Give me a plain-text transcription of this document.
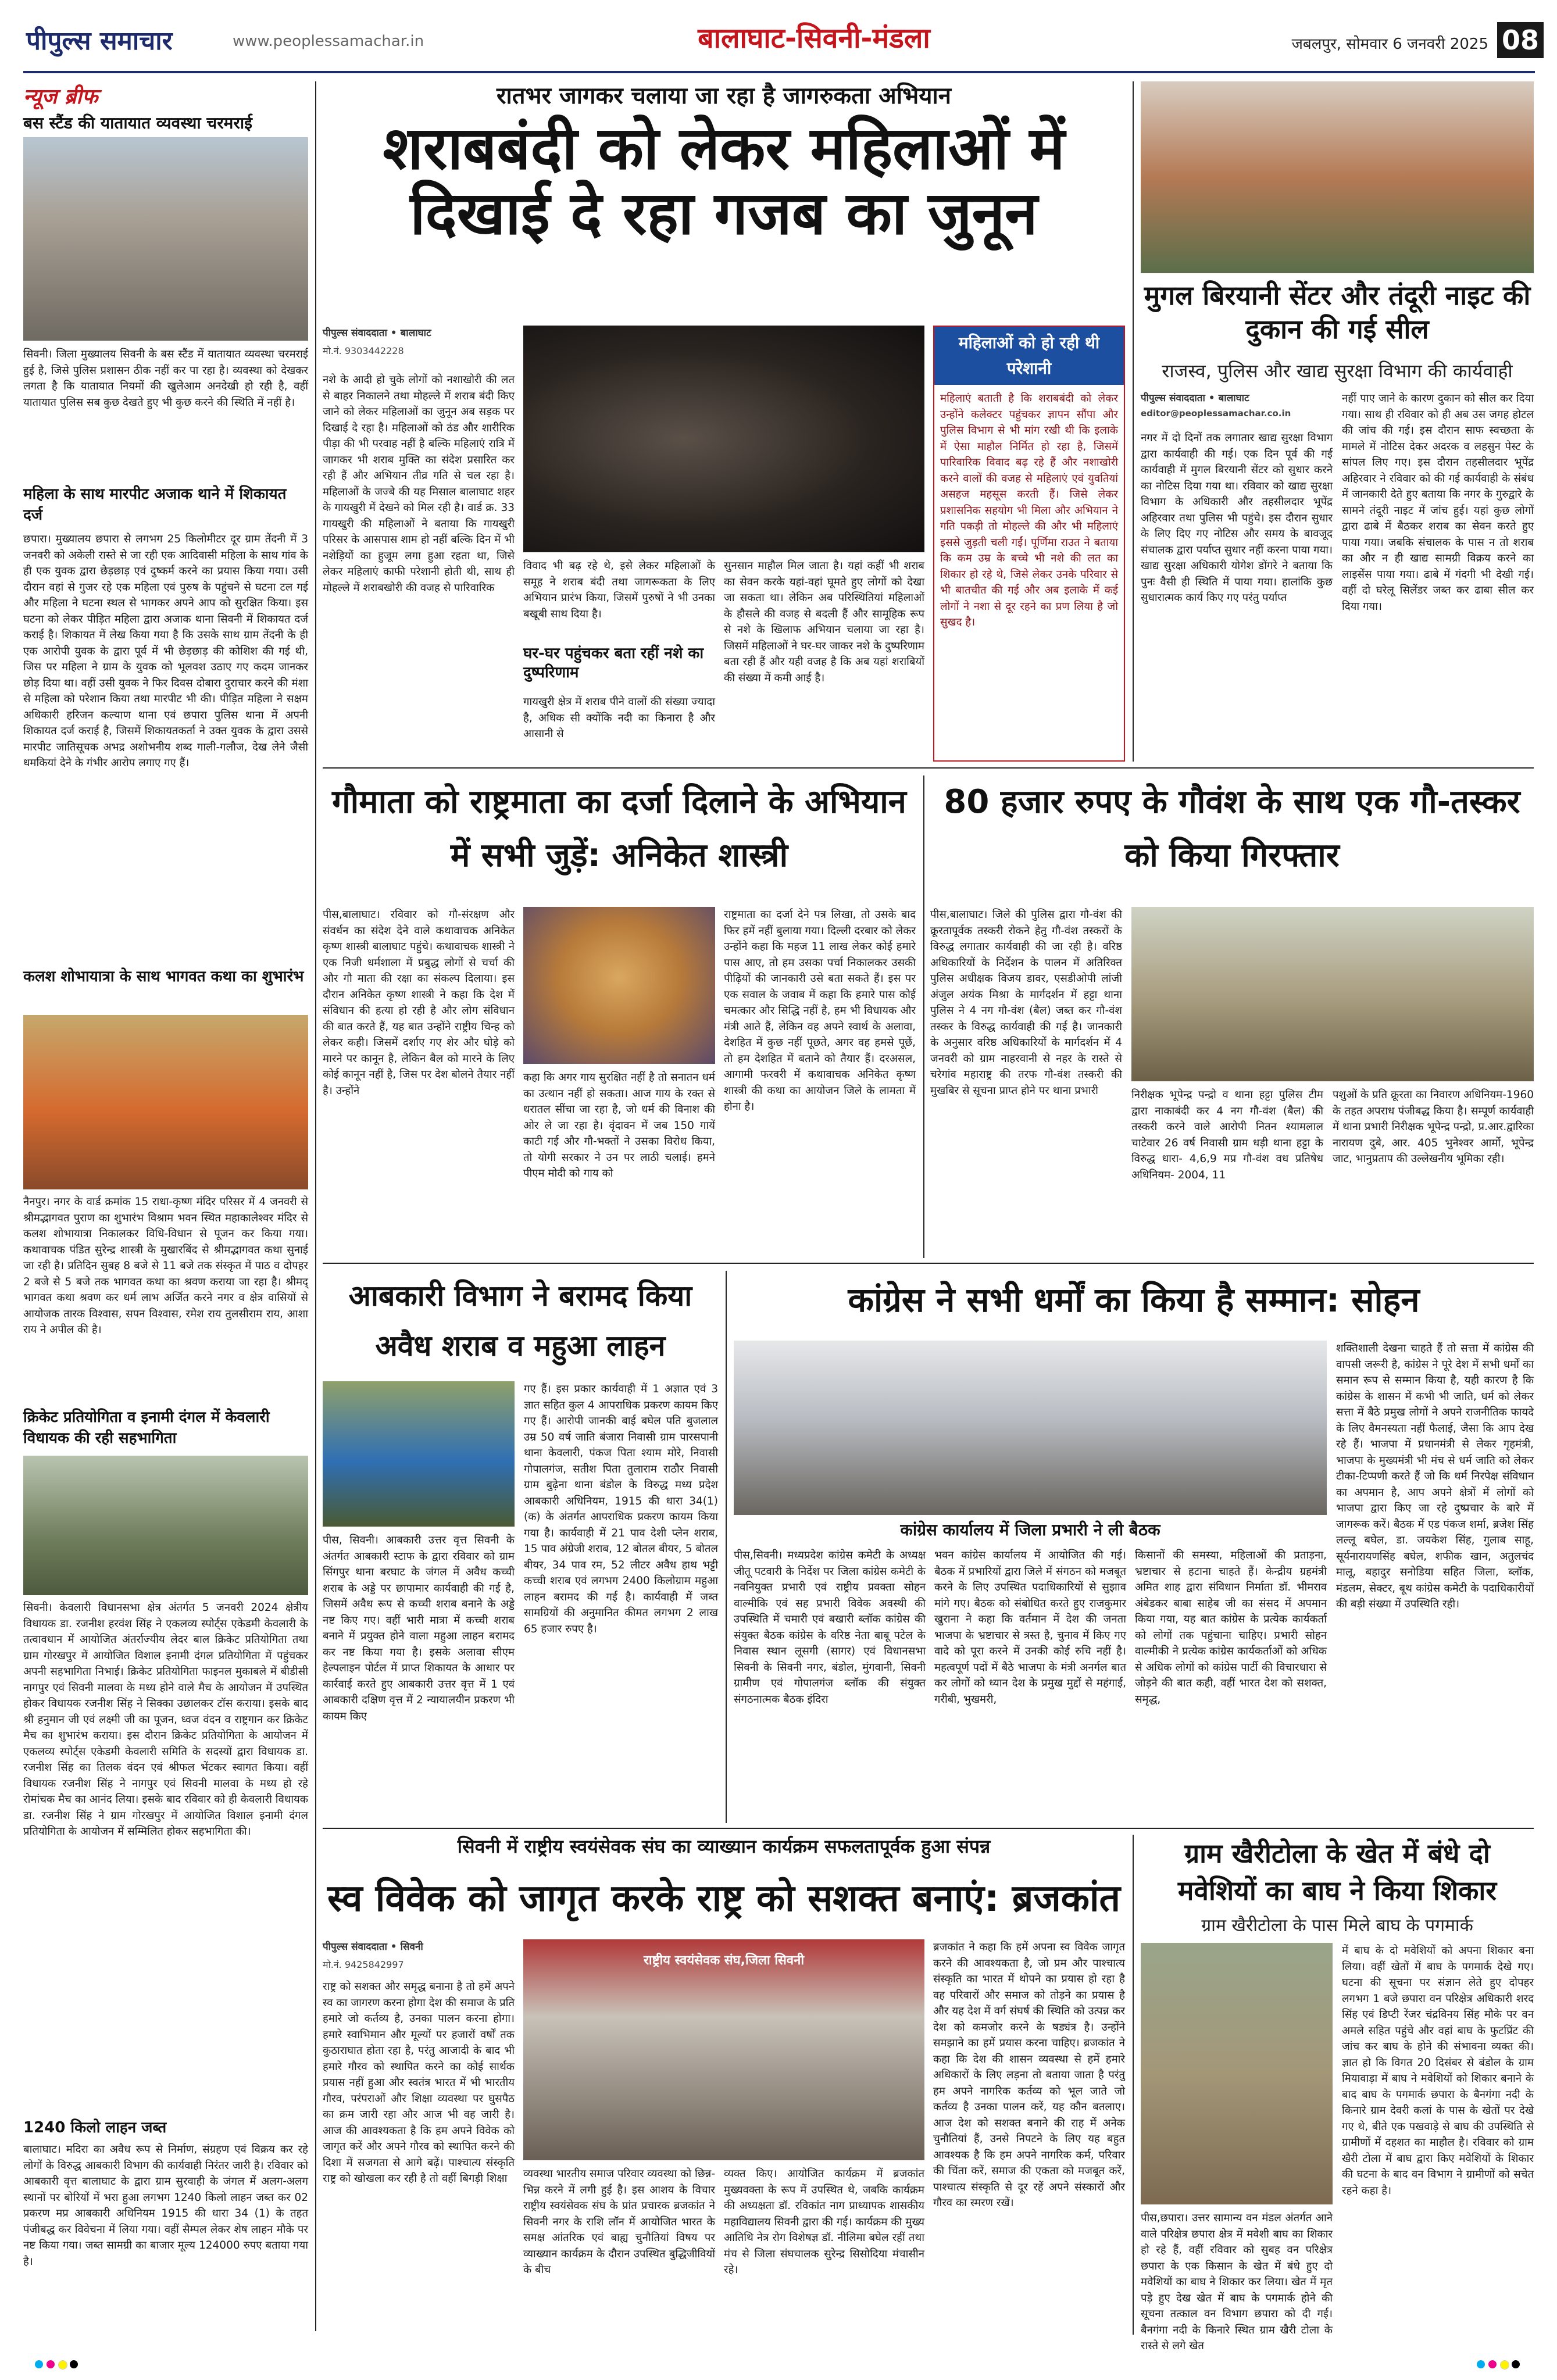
पीपुल्स समाचार	www.peoplessamachar.in	बालाघाट-सिवनी-मंडला	जबलपुर, सोमवार 6 जनवरी 2025 08
न्यूज ब्रीफ
बस स्टैंड की यातायात व्यवस्था चरमराई
सिवनी। जिला मुख्यालय सिवनी के बस स्टैंड में यातायात व्यवस्था चरमराई हुई है, जिसे पुलिस प्रशासन ठीक नहीं कर पा रहा है। व्यवस्था को देखकर लगता है कि यातायात नियमों की खुलेआम अनदेखी हो रही है, वहीं यातायात पुलिस सब कुछ देखते हुए भी कुछ करने की स्थिति में नहीं है।
महिला के साथ मारपीट अजाक थाने में शिकायत दर्ज
छपारा। मुख्यालय छपारा से लगभग 25 किलोमीटर दूर ग्राम तेंदनी में 3 जनवरी को अकेली रास्ते से जा रही एक आदिवासी महिला के साथ गांव के ही एक युवक द्वारा छेड़छाड़ एवं दुष्कर्म करने का प्रयास किया गया। उसी दौरान वहां से गुजर रहे एक महिला एवं पुरुष के पहुंचने से घटना टल गई और महिला ने घटना स्थल से भागकर अपने आप को सुरक्षित किया। इस घटना को लेकर पीड़ित महिला द्वारा अजाक थाना सिवनी में शिकायत दर्ज कराई है। शिकायत में लेख किया गया है कि उसके साथ ग्राम तेंदनी के ही एक आरोपी युवक के द्वारा पूर्व में भी छेड़छाड़ की कोशिश की गई थी, जिस पर महिला ने ग्राम के युवक को भूलवश उठाए गए कदम जानकर छोड़ दिया था। वहीं उसी युवक ने फिर दिवस दोबारा दुराचार करने की मंशा से महिला को परेशान किया तथा मारपीट भी की। पीड़ित महिला ने सक्षम अधिकारी हरिजन कल्याण थाना एवं छपारा पुलिस थाना में अपनी शिकायत दर्ज कराई है, जिसमें शिकायतकर्ता ने उक्त युवक के द्वारा उससे मारपीट जातिसूचक अभद्र अशोभनीय शब्द गाली-गलौज, देख लेने जैसी धमकियां देने के गंभीर आरोप लगाए गए हैं।
कलश शोभायात्रा के साथ भागवत कथा का शुभारंभ
नैनपुर। नगर के वार्ड क्रमांक 15 राधा-कृष्ण मंदिर परिसर में 4 जनवरी से श्रीमद्भागवत पुराण का शुभारंभ विश्राम भवन स्थित महाकालेश्वर मंदिर से कलश शोभायात्रा निकालकर विधि-विधान से पूजन कर किया गया। कथावाचक पंडित सुरेन्द्र शास्त्री के मुखारबिंद से श्रीमद्भागवत कथा सुनाई जा रही है। प्रतिदिन सुबह 8 बजे से 11 बजे तक संस्कृत में पाठ व दोपहर 2 बजे से 5 बजे तक भागवत कथा का श्रवण कराया जा रहा है। श्रीमद् भागवत कथा श्रवण कर धर्म लाभ अर्जित करने नगर व क्षेत्र वासियों से आयोजक तारक विश्वास, सपन विश्वास, रमेश राय तुलसीराम राय, आशा राय ने अपील की है।
क्रिकेट प्रतियोगिता व इनामी दंगल में केवलारी विधायक की रही सहभागिता
सिवनी। केवलारी विधानसभा क्षेत्र अंतर्गत 5 जनवरी 2024 क्षेत्रीय विधायक डा. रजनीश हरवंश सिंह ने एकलव्य स्पोर्ट्स एकेडमी केवलारी के तत्वावधान में आयोजित अंतर्राज्यीय लेदर बाल क्रिकेट प्रतियोगिता तथा ग्राम गोरखपुर में आयोजित विशाल इनामी दंगल प्रतियोगिता में पहुंचकर अपनी सहभागिता निभाई। क्रिकेट प्रतियोगिता फाइनल मुकाबले में बीडीसी नागपुर एवं सिवनी मालवा के मध्य होने वाले मैच के आयोजन में उपस्थित होकर विधायक रजनीश सिंह ने सिक्का उछालकर टॉस कराया। इसके बाद श्री हनुमान जी एवं लक्ष्मी जी का पूजन, ध्वज वंदन व राष्ट्रगान कर क्रिकेट मैच का शुभारंभ कराया। इस दौरान क्रिकेट प्रतियोगिता के आयोजन में एकलव्य स्पोर्ट्स एकेडमी केवलारी समिति के सदस्यों द्वारा विधायक डा. रजनीश सिंह का तिलक वंदन एवं श्रीफल भेंटकर स्वागत किया। वहीं विधायक रजनीश सिंह ने नागपुर एवं सिवनी मालवा के मध्य हो रहे रोमांचक मैच का आनंद लिया। इसके बाद रविवार को ही केवलारी विधायक डा. रजनीश सिंह ने ग्राम गोरखपुर में आयोजित विशाल इनामी दंगल प्रतियोगिता के आयोजन में सम्मिलित होकर सहभागिता की।
1240 किलो लाहन जब्त
बालाघाट। मदिरा का अवैध रूप से निर्माण, संग्रहण एवं विक्रय कर रहे लोगों के विरुद्ध आबकारी विभाग की कार्यवाही निरंतर जारी है। रविवार को आबकारी वृत्त बालाघाट के द्वारा ग्राम सुरवाही के जंगल में अलग-अलग स्थानों पर बोरियों में भरा हुआ लगभग 1240 किलो लाहन जब्त कर 02 प्रकरण मप्र आबकारी अधिनियम 1915 की धारा 34 (1) के तहत पंजीबद्ध कर विवेचना में लिया गया। वहीं सैम्पल लेकर शेष लाहन मौके पर नष्ट किया गया। जब्त सामग्री का बाजार मूल्य 124000 रुपए बताया गया है।
रातभर जागकर चलाया जा रहा है जागरुकता अभियान
शराबबंदी को लेकर महिलाओं में दिखाई दे रहा गजब का जुनून
पीपुल्स संवाददाता • बालाघाट
मो.नं. 9303442228
नशे के आदी हो चुके लोगों को नशाखोरी की लत से बाहर निकालने तथा मोहल्ले में शराब बंदी किए जाने को लेकर महिलाओं का जुनून अब सड़क पर दिखाई दे रहा है। महिलाओं को ठंड और शारीरिक पीड़ा की भी परवाह नहीं है बल्कि महिलाएं रात्रि में जागकर भी शराब मुक्ति का संदेश प्रसारित कर रही हैं और अभियान तीव्र गति से चल रहा है। महिलाओं के जज्बे की यह मिसाल बालाघाट शहर के गायखुरी में देखने को मिल रही है। वार्ड क्र. 33 गायखुरी की महिलाओं ने बताया कि गायखुरी परिसर के आसपास शाम हो नहीं बल्कि दिन में भी नशेड़ियों का हुजूम लगा हुआ रहता था, जिसे लेकर महिलाएं काफी परेशानी होती थी, साथ ही मोहल्ले में शराबखोरी की वजह से पारिवारिक
विवाद भी बढ़ रहे थे, इसे लेकर महिलाओं के समूह ने शराब बंदी तथा जागरूकता के लिए अभियान प्रारंभ किया, जिसमें पुरुषों ने भी उनका बखूबी साथ दिया है।
घर-घर पहुंचकर बता रहीं नशे का दुष्परिणाम
गायखुरी क्षेत्र में शराब पीने वालों की संख्या ज्यादा है, अधिक सी क्योंकि नदी का किनारा है और आसानी से
सुनसान माहौल मिल जाता है। यहां कहीं भी शराब का सेवन करके यहां-वहां घूमते हुए लोगों को देखा जा सकता था। लेकिन अब परिस्थितियां महिलाओं के हौसले की वजह से बदली हैं और सामूहिक रूप से नशे के खिलाफ अभियान चलाया जा रहा है। जिसमें महिलाओं ने घर-घर जाकर नशे के दुष्परिणाम बता रही हैं और यही वजह है कि अब यहां शराबियों की संख्या में कमी आई है।
महिलाओं को हो रही थी परेशानी
महिलाएं बताती है कि शराबबंदी को लेकर उन्होंने कलेक्टर पहुंचकर ज्ञापन सौंपा और पुलिस विभाग से भी मांग रखी थी कि इलाके में ऐसा माहौल निर्मित हो रहा है, जिसमें पारिवारिक विवाद बढ़ रहे हैं और नशाखोरी करने वालों की वजह से महिलाएं एवं युवतियां असहज महसूस करती हैं। जिसे लेकर प्रशासनिक सहयोग भी मिला और अभियान ने गति पकड़ी तो मोहल्ले की और भी महिलाएं इससे जुड़ती चली गईं। पूर्णिमा राउत ने बताया कि कम उम्र के बच्चे भी नशे की लत का शिकार हो रहे थे, जिसे लेकर उनके परिवार से भी बातचीत की गई और अब इलाके में कई लोगों ने नशा से दूर रहने का प्रण लिया है जो सुखद है।
मुगल बिरयानी सेंटर और तंदूरी नाइट की दुकान की गई सील
राजस्व, पुलिस और खाद्य सुरक्षा विभाग की कार्यवाही
पीपुल्स संवाददाता • बालाघाट
editor@peoplessamachar.co.in
नगर में दो दिनों तक लगातार खाद्य सुरक्षा विभाग द्वारा कार्यवाही की गई। एक दिन पूर्व की गई कार्यवाही में मुगल बिरयानी सेंटर को सुधार करने का नोटिस दिया गया था। रविवार को खाद्य सुरक्षा विभाग के अधिकारी और तहसीलदार भूपेंद्र अहिरवार तथा पुलिस भी पहुंचे। इस दौरान सुधार के लिए दिए गए नोटिस और समय के बावजूद संचालक द्वारा पर्याप्त सुधार नहीं करना पाया गया। खाद्य सुरक्षा अधिकारी योगेश डोंगरे ने बताया कि पुनः वैसी ही स्थिति में पाया गया। हालांकि कुछ सुधारात्मक कार्य किए गए परंतु पर्याप्त
नहीं पाए जाने के कारण दुकान को सील कर दिया गया। साथ ही रविवार को ही अब उस जगह होटल की जांच की गई। इस दौरान साफ स्वच्छता के मामले में नोटिस देकर अदरक व लहसुन पेस्ट के सांपल लिए गए। इस दौरान तहसीलदार भूपेंद्र अहिरवार ने रविवार को की गई कार्यवाही के संबंध में जानकारी देते हुए बताया कि नगर के गुरुद्वारे के सामने तंदूरी नाइट में जांच हुई। यहां कुछ लोगों द्वारा ढाबे में बैठकर शराब का सेवन करते हुए पाया गया। जबकि संचालक के पास न तो शराब का और न ही खाद्य सामग्री विक्रय करने का लाइसेंस पाया गया। ढाबे में गंदगी भी देखी गई। वहीं दो घरेलू सिलेंडर जब्त कर ढाबा सील कर दिया गया।
गौमाता को राष्ट्रमाता का दर्जा दिलाने के अभियान में सभी जुड़ें: अनिकेत शास्त्री
पीस,बालाघाट। रविवार को गौ-संरक्षण और संवर्धन का संदेश देने वाले कथावाचक अनिकेत कृष्ण शास्त्री बालाघाट पहुंचे। कथावाचक शास्त्री ने एक निजी धर्मशाला में प्रबुद्ध लोगों से चर्चा की और गौ माता की रक्षा का संकल्प दिलाया। इस दौरान अनिकेत कृष्ण शास्त्री ने कहा कि देश में संविधान की हत्या हो रही है और लोग संविधान की बात करते हैं, यह बात उन्होंने राष्ट्रीय चिन्ह को लेकर कही। जिसमें दर्शाए गए शेर और घोड़े को मारने पर कानून है, लेकिन बैल को मारने के लिए कोई कानून नहीं है, जिस पर देश बोलने तैयार नहीं है। उन्होंने
कहा कि अगर गाय सुरक्षित नहीं है तो सनातन धर्म का उत्थान नहीं हो सकता। आज गाय के रक्त से धरातल सींचा जा रहा है, जो धर्म की विनाश की ओर ले जा रहा है। वृंदावन में जब 150 गायें काटी गई और गौ-भक्तों ने उसका विरोध किया, तो योगी सरकार ने उन पर लाठी चलाई। हमने पीएम मोदी को गाय को
राष्ट्रमाता का दर्जा देने पत्र लिखा, तो उसके बाद फिर हमें नहीं बुलाया गया। दिल्ली दरबार को लेकर उन्होंने कहा कि महज 11 लाख लेकर कोई हमारे पास आए, तो हम उसका पर्चा निकालकर उसकी पीढ़ियों की जानकारी उसे बता सकते हैं। इस पर एक सवाल के जवाब में कहा कि हमारे पास कोई चमत्कार और सिद्धि नहीं है, हम भी विधायक और मंत्री आते हैं, लेकिन वह अपने स्वार्थ के अलावा, देशहित में कुछ नहीं पूछते, अगर वह हमसे पूछें, तो हम देशहित में बताने को तैयार हैं। दरअसल, आगामी फरवरी में कथावाचक अनिकेत कृष्ण शास्त्री की कथा का आयोजन जिले के लामता में होना है।
80 हजार रुपए के गौवंश के साथ एक गौ-तस्कर को किया गिरफ्तार
पीस,बालाघाट। जिले की पुलिस द्वारा गौ-वंश की क्रूरतापूर्वक तस्करी रोकने हेतु गौ-वंश तस्करों के विरुद्ध लगातार कार्यवाही की जा रही है। वरिष्ठ अधिकारियों के निर्देशन के पालन में अतिरिक्त पुलिस अधीक्षक विजय डावर, एसडीओपी लांजी अंजुल अयंक मिश्रा के मार्गदर्शन में हट्टा थाना पुलिस ने 4 नग गौ-वंश (बैल) जब्त कर गौ-वंश तस्कर के विरुद्ध कार्यवाही की गई है। जानकारी के अनुसार वरिष्ठ अधिकारियों के मार्गदर्शन में 4 जनवरी को ग्राम नाहरवानी से नहर के रास्ते से चरेगांव महाराष्ट्र की तरफ गौ-वंश तस्करी की मुखबिर से सूचना प्राप्त होने पर थाना प्रभारी	निरीक्षक भूपेन्द्र पन्द्रो व थाना हट्टा पुलिस टीम द्वारा नाकाबंदी कर 4 नग गौ-वंश (बैल) की तस्करी करने वाले आरोपी नितन श्यामलाल चाटेवार 26 वर्ष निवासी ग्राम धड़ी थाना हट्टा के विरुद्ध धारा- 4,6,9 मप्र गौ-वंश वध प्रतिषेध अधिनियम- 2004, 11
पशुओं के प्रति क्रूरता का निवारण अधिनियम-1960 के तहत अपराध पंजीबद्ध किया है। सम्पूर्ण कार्यवाही में थाना प्रभारी निरीक्षक भूपेन्द्र पन्द्रो, प्र.आर.द्वारिका नारायण दुबे, आर. 405 भुनेश्वर आर्मो, भूपेन्द्र जाट, भानुप्रताप की उल्लेखनीय भूमिका रही।
आबकारी विभाग ने बरामद किया अवैध शराब व महुआ लाहन
पीस, सिवनी। आबकारी उत्तर वृत्त सिवनी के अंतर्गत आबकारी स्टाफ के द्वारा रविवार को ग्राम सिंगपुर थाना बरघाट के जंगल में अवैध कच्ची शराब के अड्डे पर छापामार कार्यवाही की गई है, जिसमें अवैध रूप से कच्ची शराब बनाने के अड्डे नष्ट किए गए। वहीं भारी मात्रा में कच्ची शराब बनाने में प्रयुक्त होने वाला महुआ लाहन बरामद कर नष्ट किया गया है। इसके अलावा सीएम हेल्पलाइन पोर्टल में प्राप्त शिकायत के आधार पर कार्रवाई करते हुए आबकारी उत्तर वृत्त में 1 एवं आबकारी दक्षिण वृत्त में 2 न्यायालयीन प्रकरण भी कायम किए
गए हैं। इस प्रकार कार्यवाही में 1 अज्ञात एवं 3 ज्ञात सहित कुल 4 आपराधिक प्रकरण कायम किए गए हैं। आरोपी जानकी बाई बघेल पति बुजलाल उम्र 50 वर्ष जाति बंजारा निवासी ग्राम पारसपानी थाना केवलारी, पंकज पिता श्याम मोरे, निवासी गोपालगंज, सतीश पिता तुलाराम राठौर निवासी ग्राम बुढ़ेना थाना बंडोल के विरुद्ध मध्य प्रदेश आबकारी अधिनियम, 1915 की धारा 34(1) (क) के अंतर्गत आपराधिक प्रकरण कायम किया गया है। कार्यवाही में 21 पाव देशी प्लेन शराब, 15 पाव अंग्रेजी शराब, 12 बोतल बीयर, 5 बोतल बीयर, 34 पाव रम, 52 लीटर अवैध हाथ भट्टी कच्ची शराब एवं लगभग 2400 किलोग्राम महुआ लाहन बरामद की गई है। कार्यवाही में जब्त सामग्रियों की अनुमानित कीमत लगभग 2 लाख 65 हजार रुपए है।
कांग्रेस ने सभी धर्मों का किया है सम्मान: सोहन
कांग्रेस कार्यालय में जिला प्रभारी ने ली बैठक
पीस,सिवनी। मध्यप्रदेश कांग्रेस कमेटी के अध्यक्ष जीतू पटवारी के निर्देश पर जिला कांग्रेस कमेटी के नवनियुक्त प्रभारी एवं राष्ट्रीय प्रवक्ता सोहन वाल्मीकि एवं सह प्रभारी विवेक अवस्थी की उपस्थिति में चमारी एवं बखारी ब्लॉक कांग्रेस की संयुक्त बैठक कांग्रेस के वरिष्ठ नेता बाबू पटेल के निवास स्थान लूसगी (सागर) एवं विधानसभा सिवनी के सिवनी नगर, बंडोल, मुंगवानी, सिवनी ग्रामीण एवं गोपालगंज ब्लॉक की संयुक्त संगठनात्मक बैठक इंदिरा
भवन कांग्रेस कार्यालय में आयोजित की गई। बैठक में प्रभारियों द्वारा जिले में संगठन को मजबूत करने के लिए उपस्थित पदाधिकारियों से सुझाव मांगे गए। बैठक को संबोधित करते हुए राजकुमार खुराना ने कहा कि वर्तमान में देश की जनता भाजपा के भ्रष्टाचार से त्रस्त है, चुनाव में किए गए वादे को पूरा करने में उनकी कोई रुचि नहीं है। महत्वपूर्ण पदों में बैठे भाजपा के मंत्री अनर्गल बात कर लोगों को ध्यान देश के प्रमुख मुद्दों से महंगाई, गरीबी, भुखमरी,
किसानों की समस्या, महिलाओं की प्रताड़ना, भ्रष्टाचार से हटाना चाहते हैं। केन्द्रीय ग्रहमंत्री अमित शाह द्वारा संविधान निर्माता डॉ. भीमराव अंबेडकर बाबा साहेब जी का संसद में अपमान किया गया, यह बात कांग्रेस के प्रत्येक कार्यकर्ता को लोगों तक पहुंचाना चाहिए। प्रभारी सोहन वाल्मीकी ने प्रत्येक कांग्रेस कार्यकर्ताओं को अधिक से अधिक लोगों को कांग्रेस पार्टी की विचारधारा से जोड़ने की बात कही, वहीं भारत देश को सशक्त, समृद्ध,
शक्तिशाली देखना चाहते हैं तो सत्ता में कांग्रेस की वापसी जरूरी है, कांग्रेस ने पूरे देश में सभी धर्मों का समान रूप से सम्मान किया है, यही कारण है कि कांग्रेस के शासन में कभी भी जाति, धर्म को लेकर सत्ता में बैठे प्रमुख लोगों ने अपने राजनीतिक फायदे के लिए वैमनस्यता नहीं फैलाई, जैसा कि आप देख रहे हैं। भाजपा में प्रधानमंत्री से लेकर गृहमंत्री, भाजपा के मुख्यमंत्री भी मंच से धर्म जाति को लेकर टीका-टिप्पणी करते हैं जो कि धर्म निरपेक्ष संविधान का अपमान है, आप अपने क्षेत्रों में लोगों को भाजपा द्वारा किए जा रहे दुष्प्रचार के बारे में जागरूक करें। बैठक में एड पंकज शर्मा, ब्रजेश सिंह लल्लू बघेल, डा. जयकेश सिंह, गुलाब साहू, सूर्यनारायणसिंह बघेल, शफीक खान, अतुलचंद मालू, बहादुर सनोडिया सहित जिला, ब्लॉक, मंडलम, सेक्टर, बूथ कांग्रेस कमेटी के पदाधिकारीयों की बड़ी संख्या में उपस्थिति रही।
सिवनी में राष्ट्रीय स्वयंसेवक संघ का व्याख्यान कार्यक्रम सफलतापूर्वक हुआ संपन्न
स्व विवेक को जागृत करके राष्ट्र को सशक्त बनाएं: ब्रजकांत
पीपुल्स संवाददाता • सिवनी
मो.नं. 9425842997
राष्ट्र को सशक्त और समृद्ध बनाना है तो हमें अपने स्व का जागरण करना होगा देश की समाज के प्रति हमारे जो कर्तव्य है, उनका पालन करना होगा। हमारे स्वाभिमान और मूल्यों पर हजारों वर्षों तक कुठाराघात होता रहा है, परंतु आजादी के बाद भी हमारे गौरव को स्थापित करने का कोई सार्थक प्रयास नहीं हुआ और स्वतंत्र भारत में भी भारतीय गौरव, परंपराओं और शिक्षा व्यवस्था पर घुसपैठ का क्रम जारी रहा और आज भी वह जारी है। आज की आवश्यकता है कि हम अपने विवेक को जागृत करें और अपने गौरव को स्थापित करने की दिशा में सजगता से आगे बढ़ें। पाश्चात्य संस्कृति राष्ट्र को खोखला कर रही है तो वहीं बिगड़ी शिक्षा
राष्ट्रीय स्वयंसेवक संघ,जिला सिवनी
व्यवस्था भारतीय समाज परिवार व्यवस्था को छिन्न- भिन्न करने में लगी हुई है। इस आशय के विचार राष्ट्रीय स्वयंसेवक संघ के प्रांत प्रचारक ब्रजकांत ने सिवनी नगर के राशि लॉन में आयोजित भारत के समक्ष आंतरिक एवं बाह्य चुनौतियां विषय पर व्याख्यान कार्यक्रम के दौरान उपस्थित बुद्धिजीवियों के बीच
व्यक्त किए। आयोजित कार्यक्रम में ब्रजकांत मुख्यवक्ता के रूप में उपस्थित थे, जबकि कार्यक्रम की अध्यक्षता डॉ. रविकांत नाग प्राध्यापक शासकीय महाविद्यालय सिवनी द्वारा की गई। कार्यक्रम की मुख्य आतिथि नेत्र रोग विशेषज्ञ डॉ. नीलिमा बघेल रहीं तथा मंच से जिला संघचालक सुरेन्द्र सिसोदिया मंचासीन रहे।
ब्रजकांत ने कहा कि हमें अपना स्व विवेक जागृत करने की आवश्यकता है, जो प्रम और पाश्चात्य संस्कृति का भारत में थोपने का प्रयास हो रहा है वह परिवारों और समाज को तोड़ने का प्रयास है और यह देश में वर्ग संघर्ष की स्थिति को उत्पन्न कर देश को कमजोर करने के षड्यंत्र है। उन्होंने समझाने का हमें प्रयास करना चाहिए। ब्रजकांत ने कहा कि देश की शासन व्यवस्था से हमें हमारे अधिकारों के लिए लड़ना तो बताया जाता है परंतु हम अपने नागरिक कर्तव्य को भूल जाते जो कर्तव्य है उनका पालन करें, यह कौन बतलाए। आज देश को सशक्त बनाने की राह में अनेक चुनौतियां हैं, उनसे निपटने के लिए यह बहुत आवश्यक है कि हम अपने नागरिक कर्म, परिवार की चिंता करें, समाज की एकता को मजबूत करें, पाश्चात्य संस्कृति से दूर रहें अपने संस्कारों और गौरव का स्मरण रखें।
ग्राम खैरीटोला के खेत में बंधे दो मवेशियों का बाघ ने किया शिकार
ग्राम खैरीटोला के पास मिले बाघ के पगमार्क
पीस,छपारा। उत्तर सामान्य वन मंडल अंतर्गत आने वाले परिक्षेत्र छपारा क्षेत्र में मवेशी बाघ का शिकार हो रहे हैं, वहीं रविवार को सुबह वन परिक्षेत्र छपारा के एक किसान के खेत में बंधे हुए दो मवेशियों का बाघ ने शिकार कर लिया। खेत में मृत पड़े हुए देख खेत में बाघ के पगमार्क होने की सूचना तत्काल वन विभाग छपारा को दी गई। बैनगंगा नदी के किनारे स्थित ग्राम खैरी टोला के रास्ते से लगे खेत
में बाघ के दो मवेशियों को अपना शिकार बना लिया। वहीं खेतों में बाघ के पगमार्क देखे गए। घटना की सूचना पर संज्ञान लेते हुए दोपहर लगभग 1 बजे छपारा वन परिक्षेत्र अधिकारी शरद सिंह एवं डिप्टी रेंजर चंद्रविनय सिंह मौके पर वन अमले सहित पहुंचे और वहां बाघ के फुटप्रिंट की जांच कर बाघ के होने की संभावना व्यक्त की। ज्ञात हो कि विगत 20 दिसंबर से बंडोल के ग्राम मियावाड़ा में बाघ ने मवेशियों को शिकार बनाने के बाद बाघ के पगमार्क छपारा के बैनगंगा नदी के किनारे ग्राम देवरी कलां के पास के खेतों पर देखे गए थे, बीते एक पखवाड़े से बाघ की उपस्थिति से ग्रामीणों में दहशत का माहौल है। रविवार को ग्राम खैरी टोला में बाघ द्वारा किए मवेशियों के शिकार की घटना के बाद वन विभाग ने ग्रामीणों को सचेत रहने कहा है।
